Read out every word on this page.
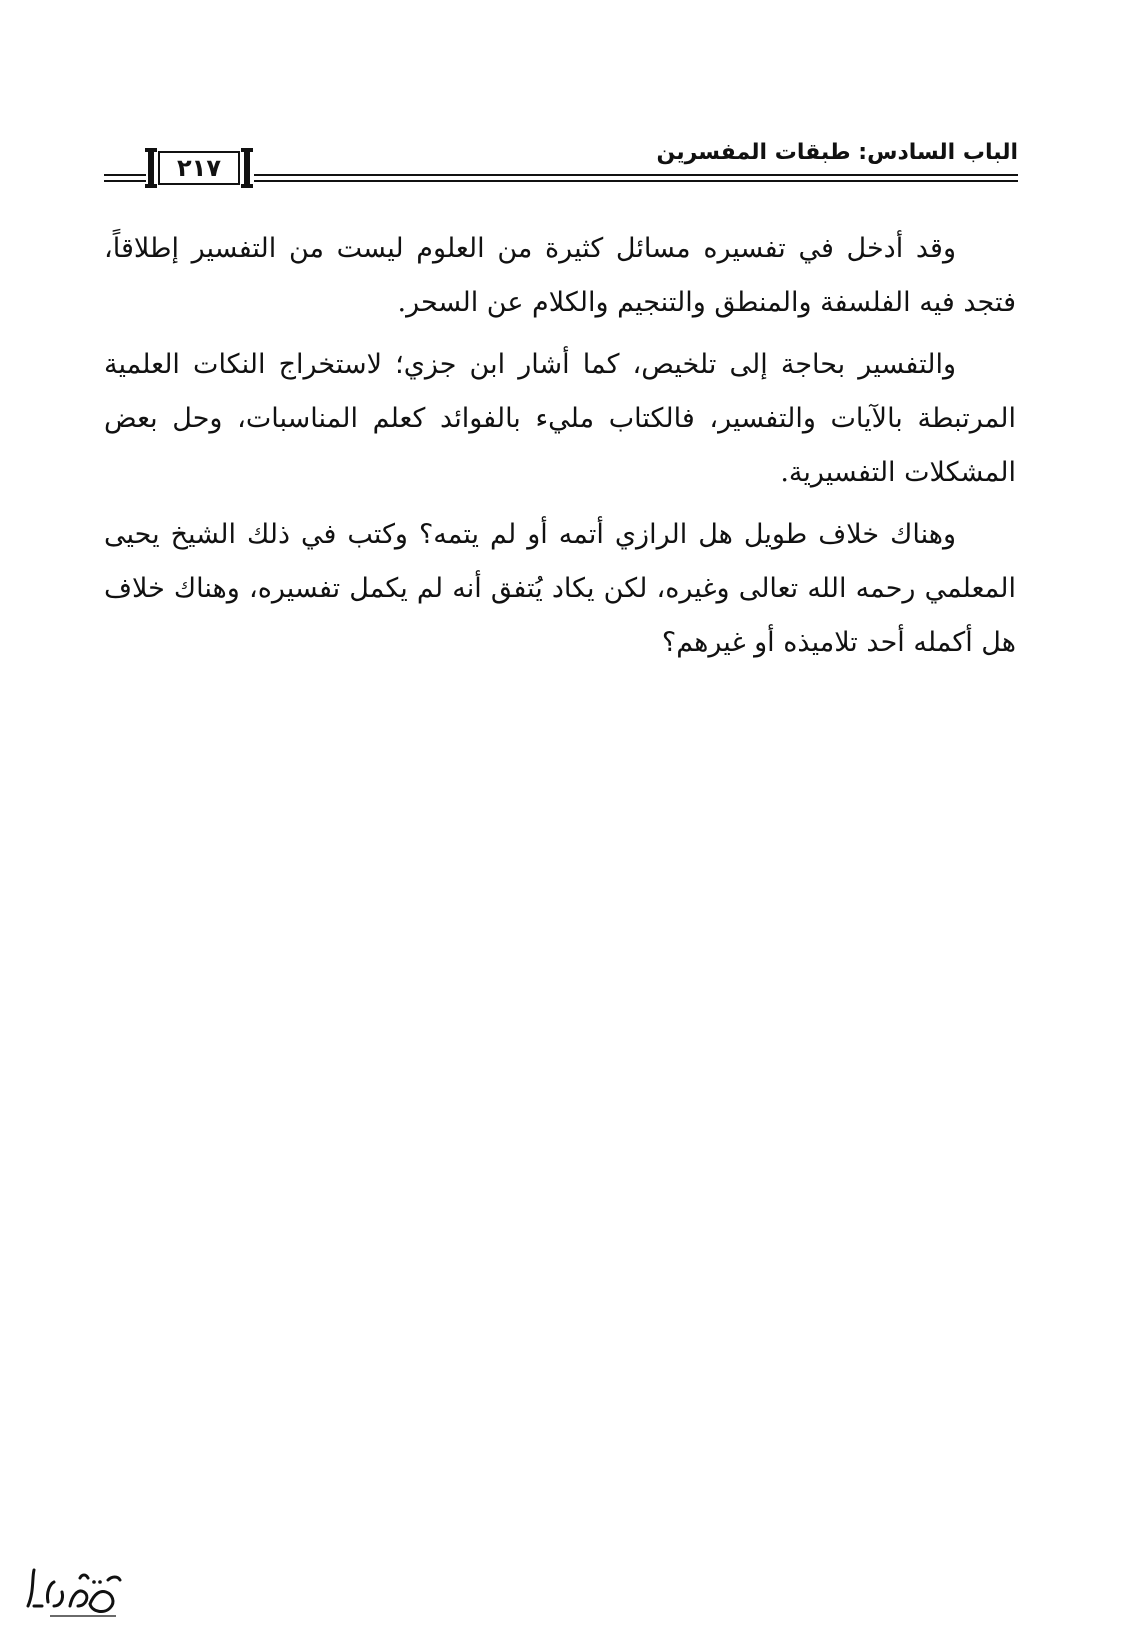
الباب السادس: طبقات المفسرين
٢١٧

وقد أدخل في تفسيره مسائل كثيرة من العلوم ليست من التفسير إطلاقاً، فتجد فيه الفلسفة والمنطق والتنجيم والكلام عن السحر.

والتفسير بحاجة إلى تلخيص، كما أشار ابن جزي؛ لاستخراج النكات العلمية المرتبطة بالآيات والتفسير، فالكتاب مليء بالفوائد كعلم المناسبات، وحل بعض المشكلات التفسيرية.

وهناك خلاف طويل هل الرازي أتمه أو لم يتمه؟ وكتب في ذلك الشيخ يحيى المعلمي رحمه الله تعالى وغيره، لكن يكاد يُتفق أنه لم يكمل تفسيره، وهناك خلاف هل أكمله أحد تلاميذه أو غيرهم؟
